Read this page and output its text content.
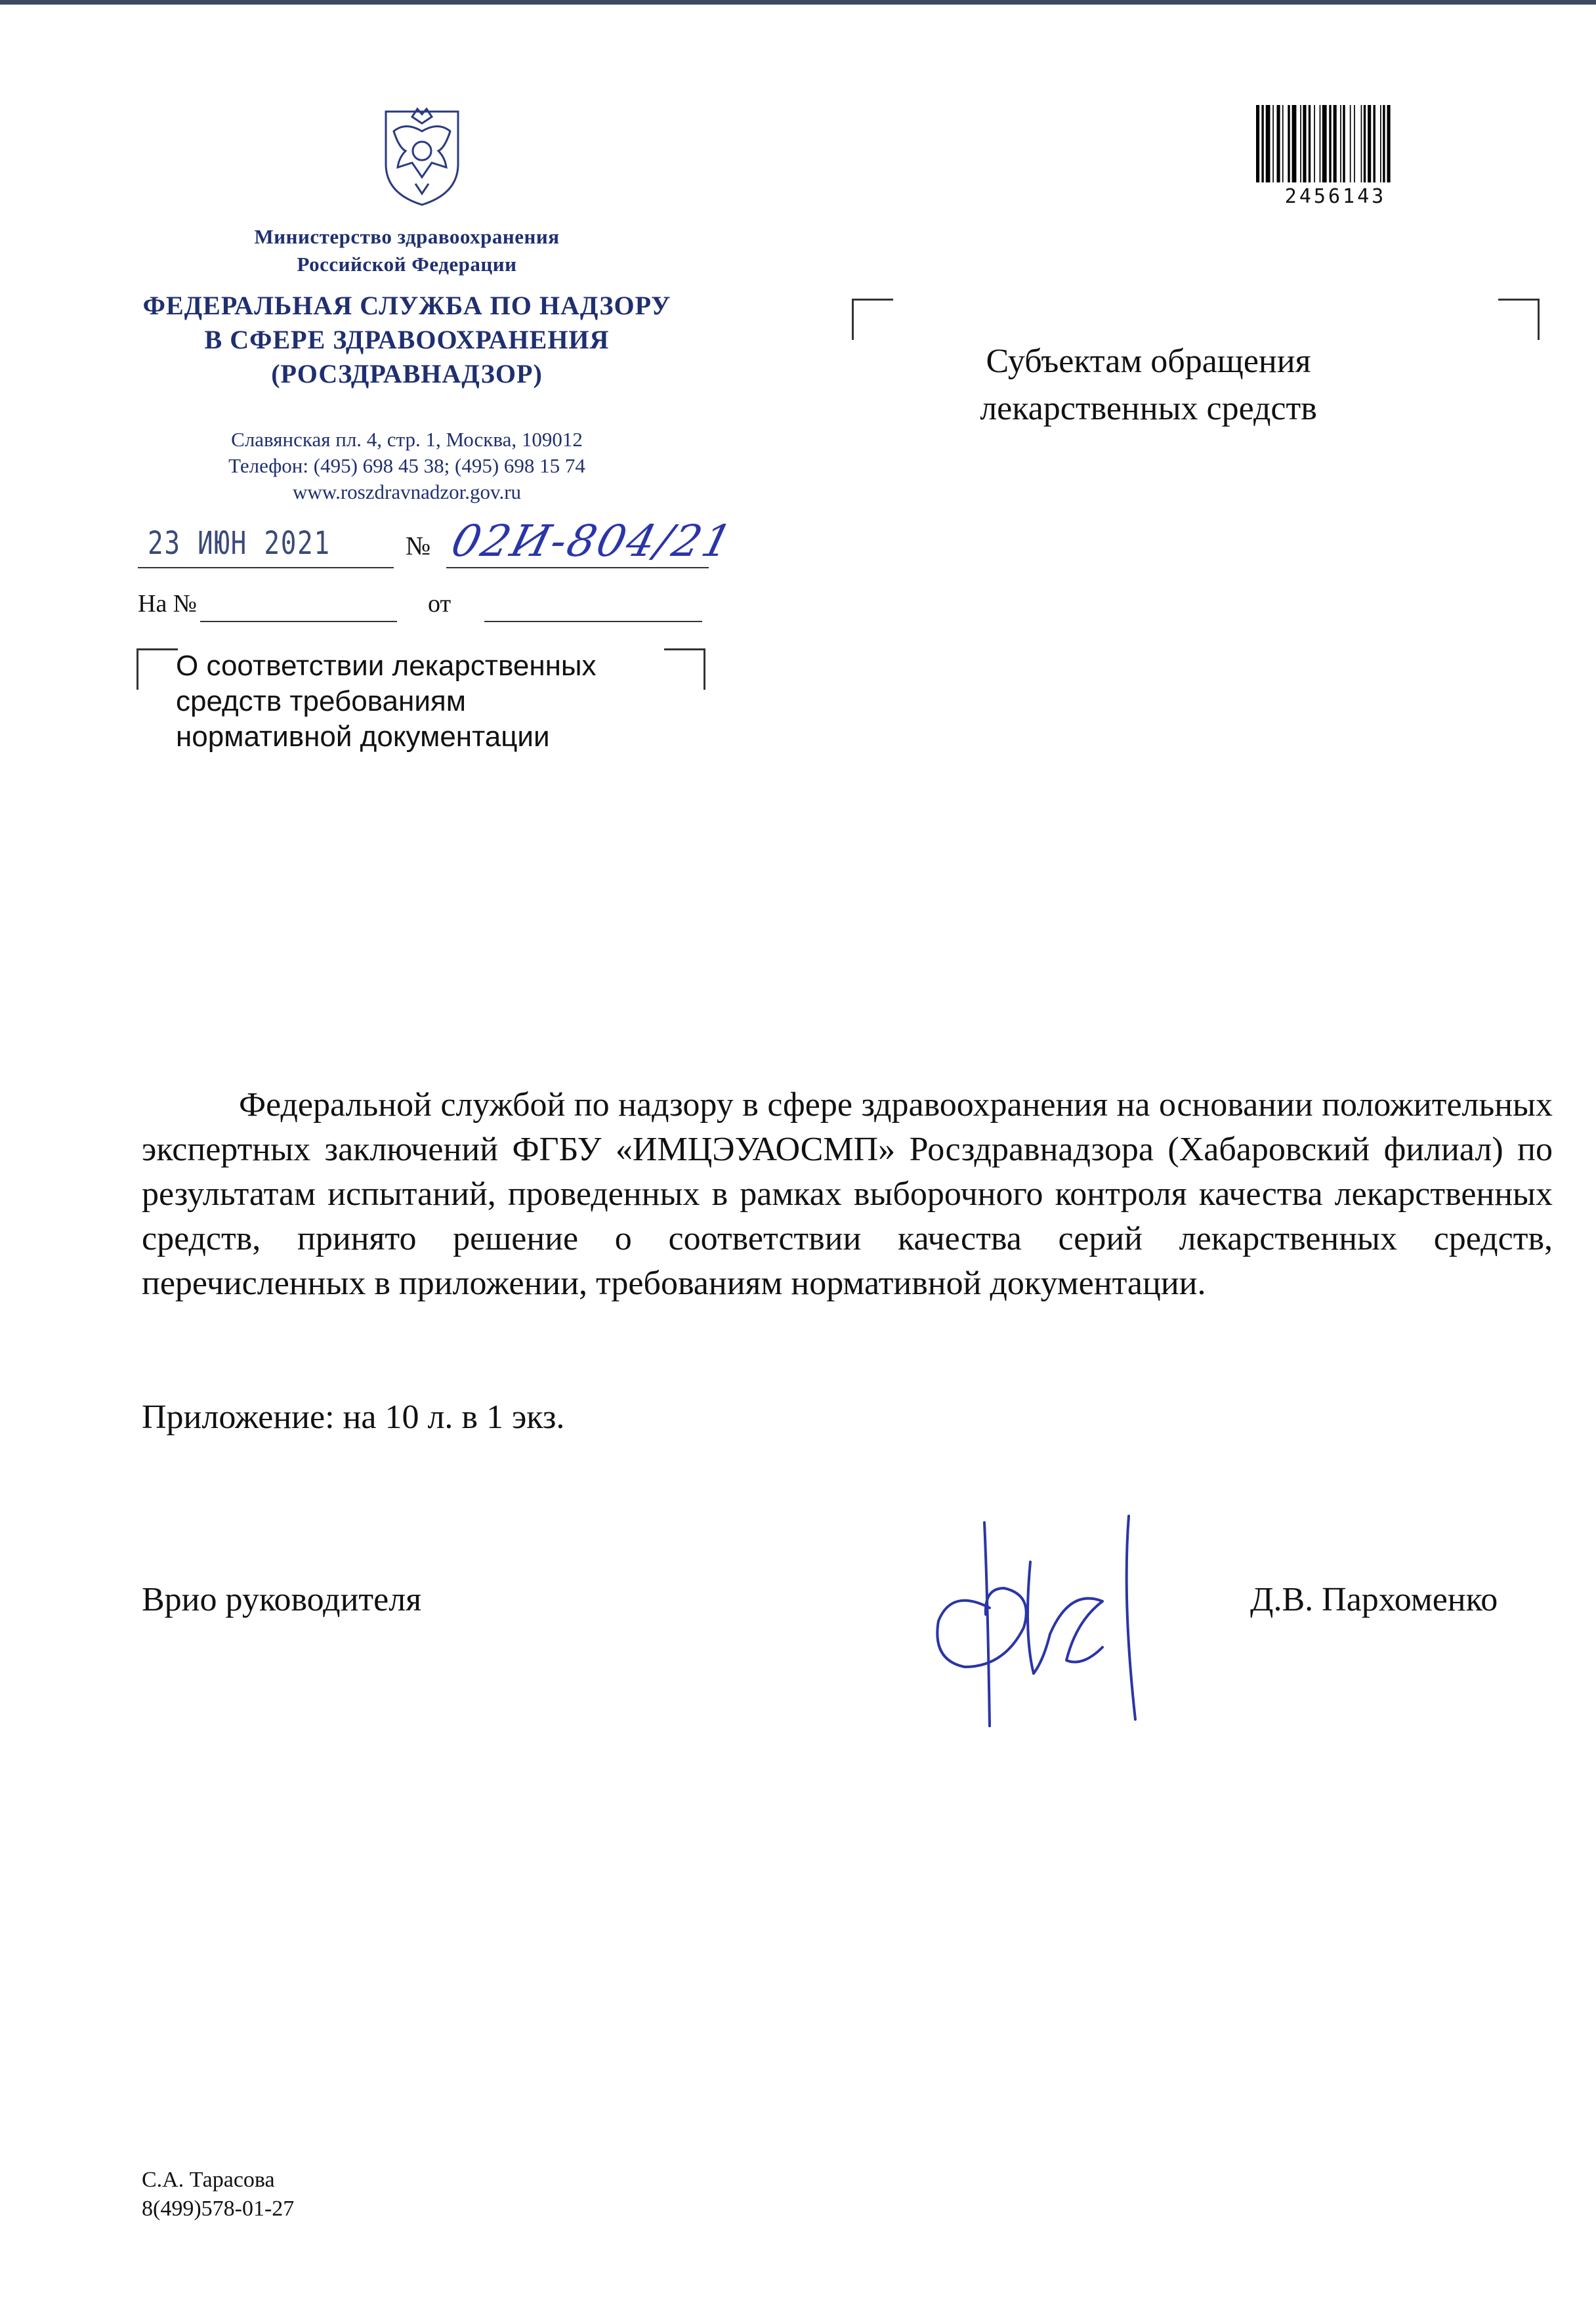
Министерство здравоохранения
Российской Федерации
ФЕДЕРАЛЬНАЯ СЛУЖБА ПО НАДЗОРУ
В СФЕРЕ ЗДРАВООХРАНЕНИЯ
(РОСЗДРАВНАДЗОР)
Славянская пл. 4, стр. 1, Москва, 109012
Телефон: (495) 698 45 38; (495) 698 15 74
www.roszdravnadzor.gov.ru
23 ИЮН 2021	№ 02И-804/21
На №	от
О соответствии лекарственных
средств требованиям
нормативной документации
Субъектам обращения
лекарственных средств
2456143
Федеральной службой по надзору в сфере здравоохранения на основании положительных экспертных заключений ФГБУ «ИМЦЭУАОСМП» Росздравнадзора (Хабаровский филиал) по результатам испытаний, проведенных в рамках выборочного контроля качества лекарственных средств, принято решение о соответствии качества серий лекарственных средств, перечисленных в приложении, требованиям нормативной документации.
Приложение: на 10 л. в 1 экз.
Врио руководителя	Д.В. Пархоменко
С.А. Тарасова
8(499)578-01-27
